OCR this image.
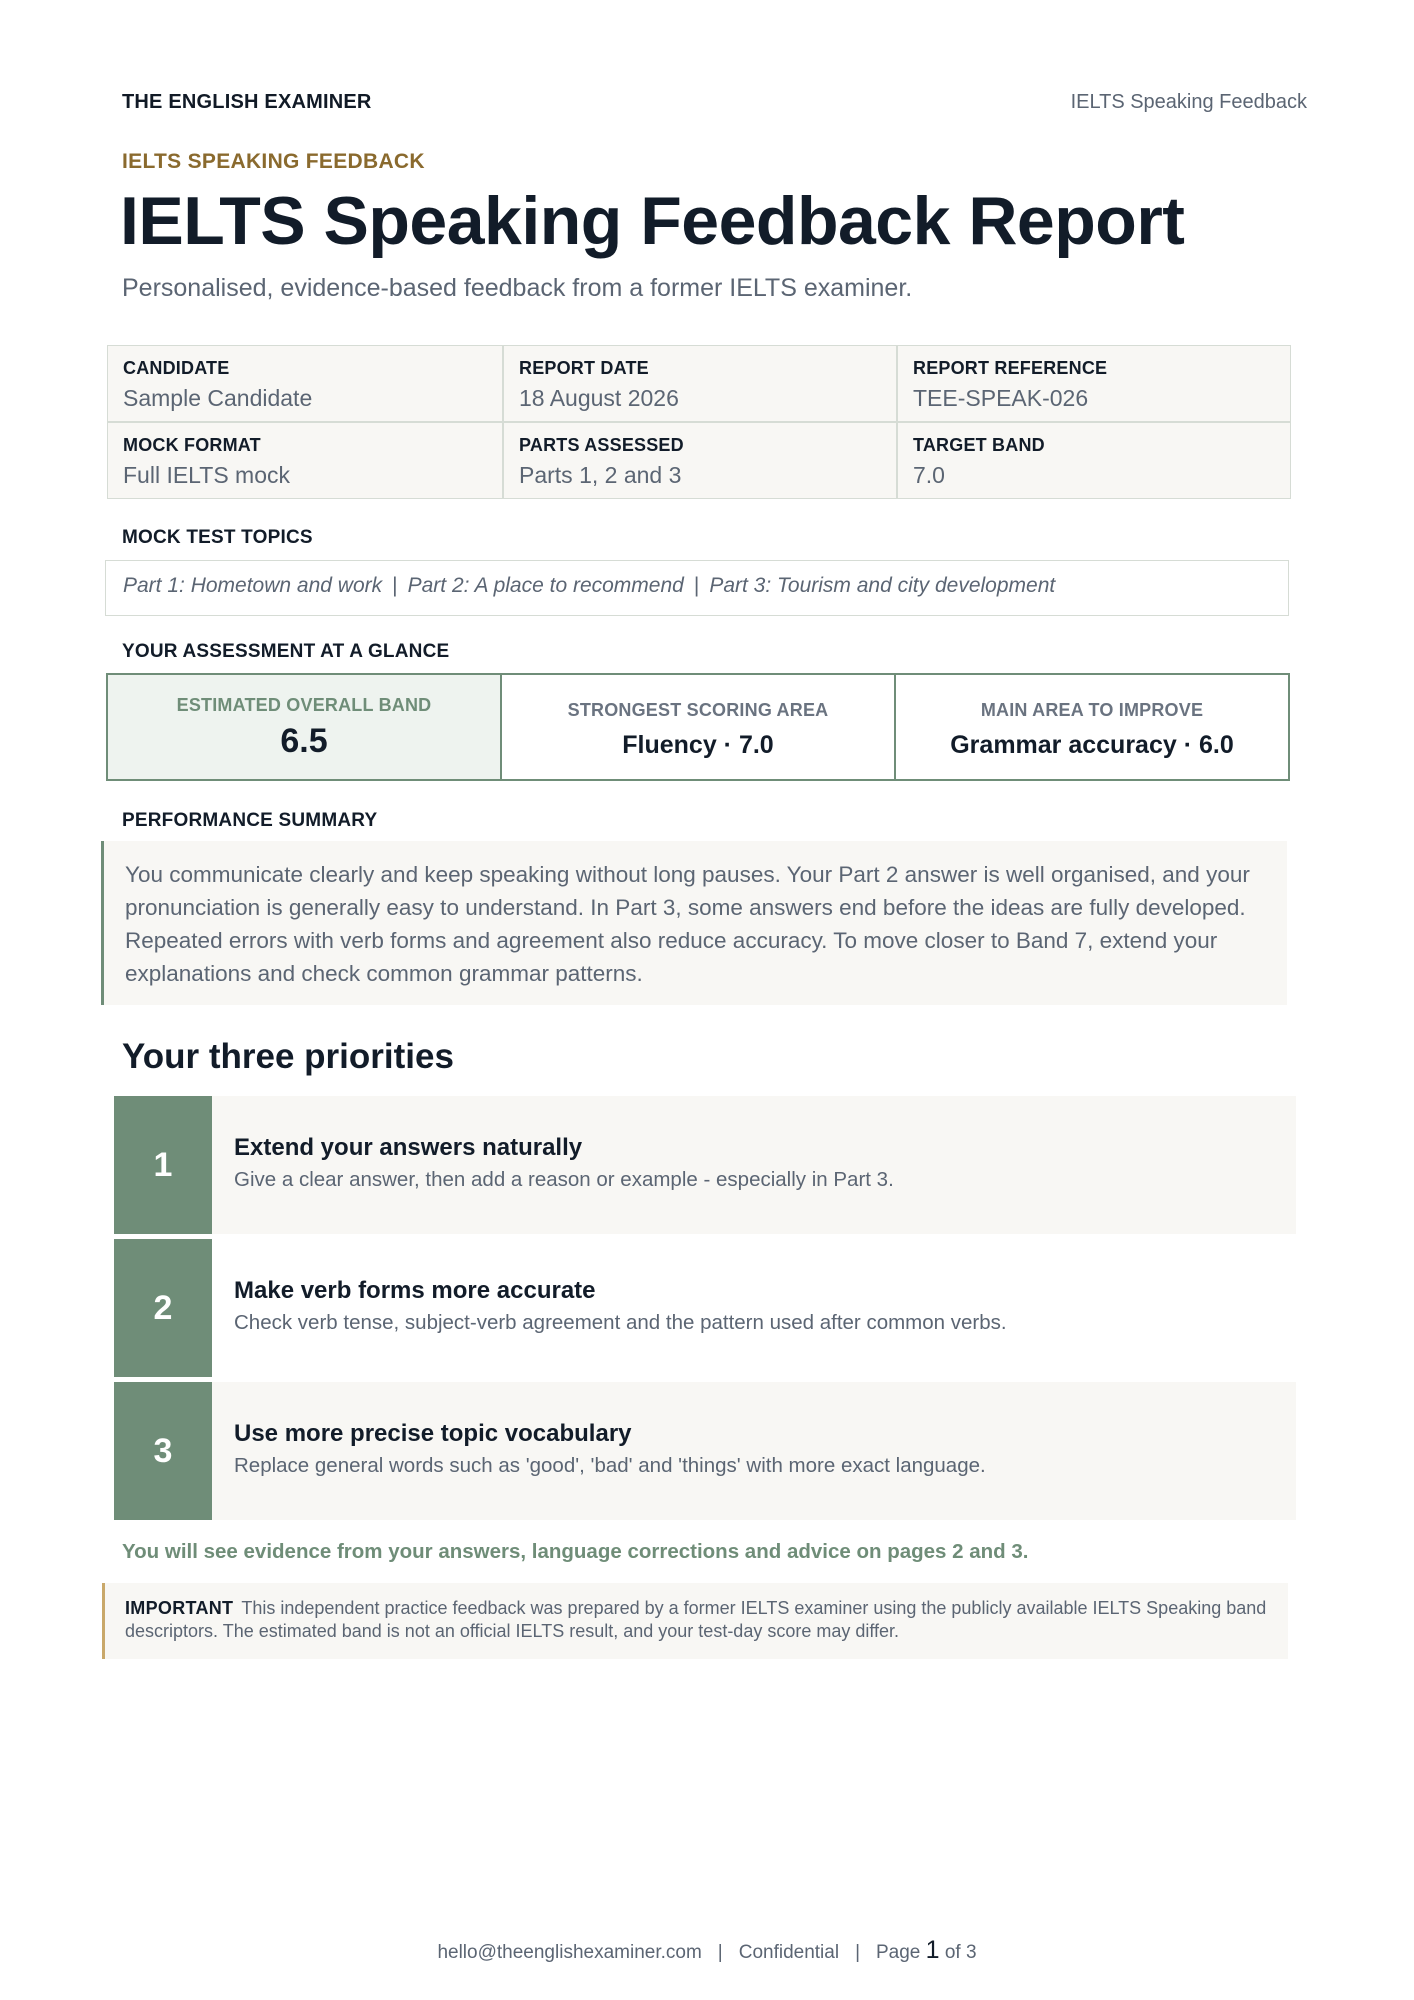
THE ENGLISH EXAMINER	IELTS Speaking Feedback
IELTS SPEAKING FEEDBACK
IELTS Speaking Feedback Report
Personalised, evidence-based feedback from a former IELTS examiner.
CANDIDATE
Sample Candidate
REPORT DATE
18 August 2026
REPORT REFERENCE
TEE-SPEAK-026
MOCK FORMAT
Full IELTS mock
PARTS ASSESSED
Parts 1, 2 and 3
TARGET BAND
7.0
MOCK TEST TOPICS
Part 1: Hometown and work | Part 2: A place to recommend | Part 3: Tourism and city development
YOUR ASSESSMENT AT A GLANCE
ESTIMATED OVERALL BAND
6.5
STRONGEST SCORING AREA
Fluency · 7.0
MAIN AREA TO IMPROVE
Grammar accuracy · 6.0
PERFORMANCE SUMMARY
You communicate clearly and keep speaking without long pauses. Your Part 2 answer is well organised, and your pronunciation is generally easy to understand. In Part 3, some answers end before the ideas are fully developed. Repeated errors with verb forms and agreement also reduce accuracy. To move closer to Band 7, extend your explanations and check common grammar patterns.
Your three priorities
1	Extend your answers naturally
Give a clear answer, then add a reason or example - especially in Part 3.
2	Make verb forms more accurate
Check verb tense, subject-verb agreement and the pattern used after common verbs.
3	Use more precise topic vocabulary
Replace general words such as 'good', 'bad' and 'things' with more exact language.
You will see evidence from your answers, language corrections and advice on pages 2 and 3.
IMPORTANT This independent practice feedback was prepared by a former IELTS examiner using the publicly available IELTS Speaking band descriptors. The estimated band is not an official IELTS result, and your test-day score may differ.
hello@theenglishexaminer.com | Confidential | Page 1 of 3
